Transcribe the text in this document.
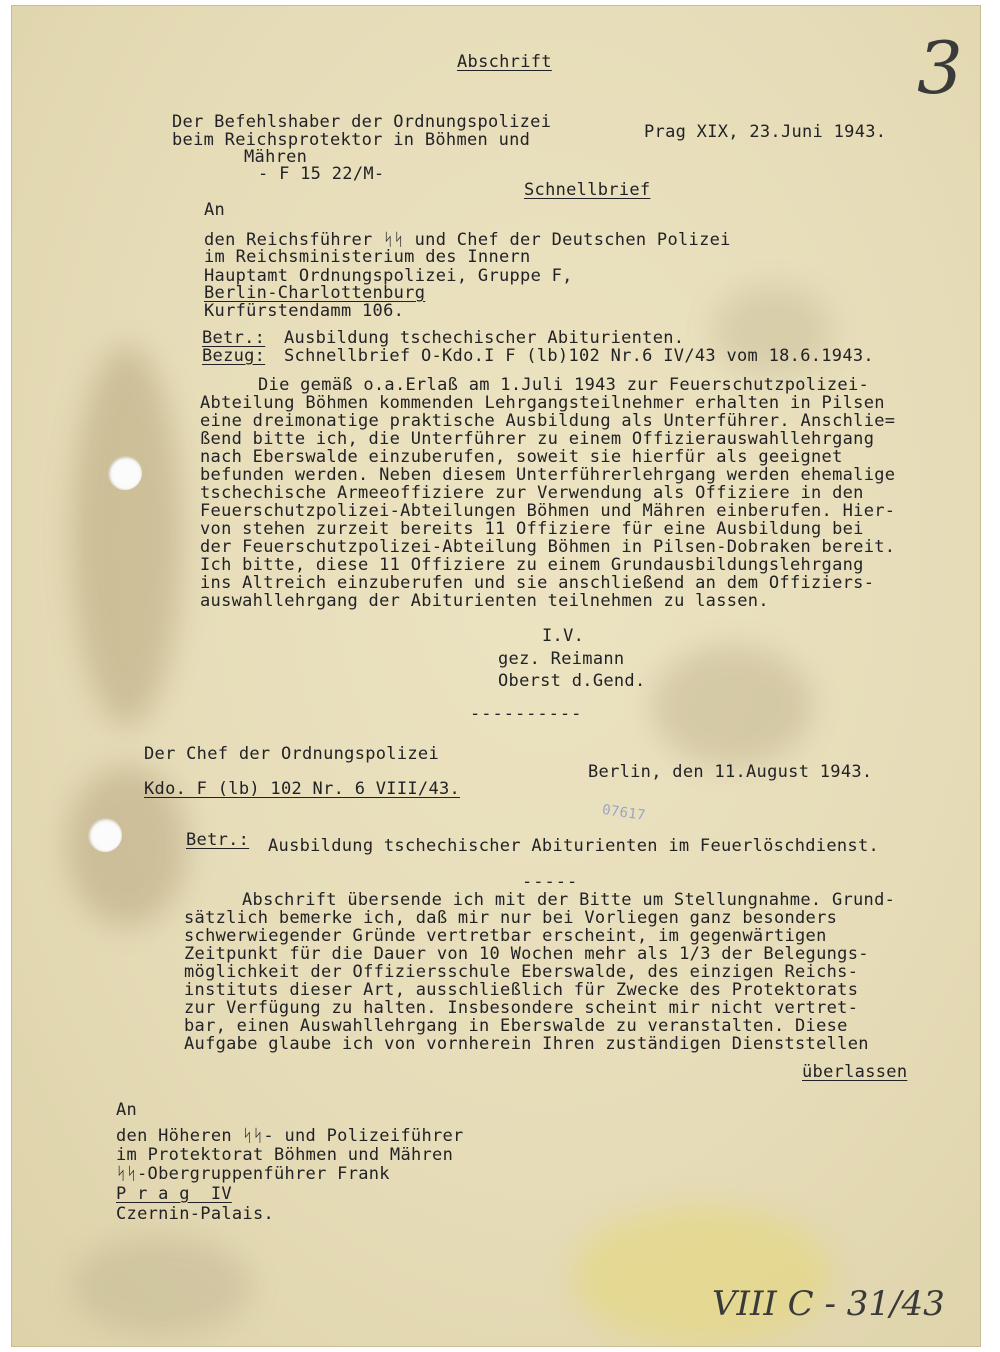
Abschrift	3
Der Befehlshaber der Ordnungspolizei
beim Reichsprotektor in Böhmen und
Mähren
- F 15 22/M-
Prag XIX, 23.Juni 1943.
Schnellbrief
An
den Reichsführer ᛋᛋ und Chef der Deutschen Polizei
im Reichsministerium des Innern
Hauptamt Ordnungspolizei, Gruppe F,
Berlin-Charlottenburg
Kurfürstendamm 106.
Betr.: Ausbildung tschechischer Abiturienten.
Bezug: Schnellbrief O-Kdo.I F (lb)102 Nr.6 IV/43 vom 18.6.1943.
Die gemäß o.a.Erlaß am 1.Juli 1943 zur Feuerschutzpolizei-
Abteilung Böhmen kommenden Lehrgangsteilnehmer erhalten in Pilsen
eine dreimonatige praktische Ausbildung als Unterführer. Anschlie=
ßend bitte ich, die Unterführer zu einem Offizierauswahllehrgang
nach Eberswalde einzuberufen, soweit sie hierfür als geeignet
befunden werden. Neben diesem Unterführerlehrgang werden ehemalige
tschechische Armeeoffiziere zur Verwendung als Offiziere in den
Feuerschutzpolizei-Abteilungen Böhmen und Mähren einberufen. Hier-
von stehen zurzeit bereits 11 Offiziere für eine Ausbildung bei
der Feuerschutzpolizei-Abteilung Böhmen in Pilsen-Dobraken bereit.
Ich bitte, diese 11 Offiziere zu einem Grundausbildungslehrgang
ins Altreich einzuberufen und sie anschließend an dem Offiziers-
auswahllehrgang der Abiturienten teilnehmen zu lassen.
I.V.
gez. Reimann
Oberst d.Gend.
----------
Der Chef der Ordnungspolizei
Kdo. F (lb) 102 Nr. 6 VIII/43.
Berlin, den 11.August 1943.
07617
Betr.: Ausbildung tschechischer Abiturienten im Feuerlöschdienst.
-----
Abschrift übersende ich mit der Bitte um Stellungnahme. Grund-
sätzlich bemerke ich, daß mir nur bei Vorliegen ganz besonders
schwerwiegender Gründe vertretbar erscheint, im gegenwärtigen
Zeitpunkt für die Dauer von 10 Wochen mehr als 1/3 der Belegungs-
möglichkeit der Offiziersschule Eberswalde, des einzigen Reichs-
instituts dieser Art, ausschließlich für Zwecke des Protektorats
zur Verfügung zu halten. Insbesondere scheint mir nicht vertret-
bar, einen Auswahllehrgang in Eberswalde zu veranstalten. Diese
Aufgabe glaube ich von vornherein Ihren zuständigen Dienststellen
überlassen
An
den Höheren ᛋᛋ- und Polizeiführer
im Protektorat Böhmen und Mähren
ᛋᛋ-Obergruppenführer Frank
P r a g  IV
Czernin-Palais.
VIII C - 31/43
